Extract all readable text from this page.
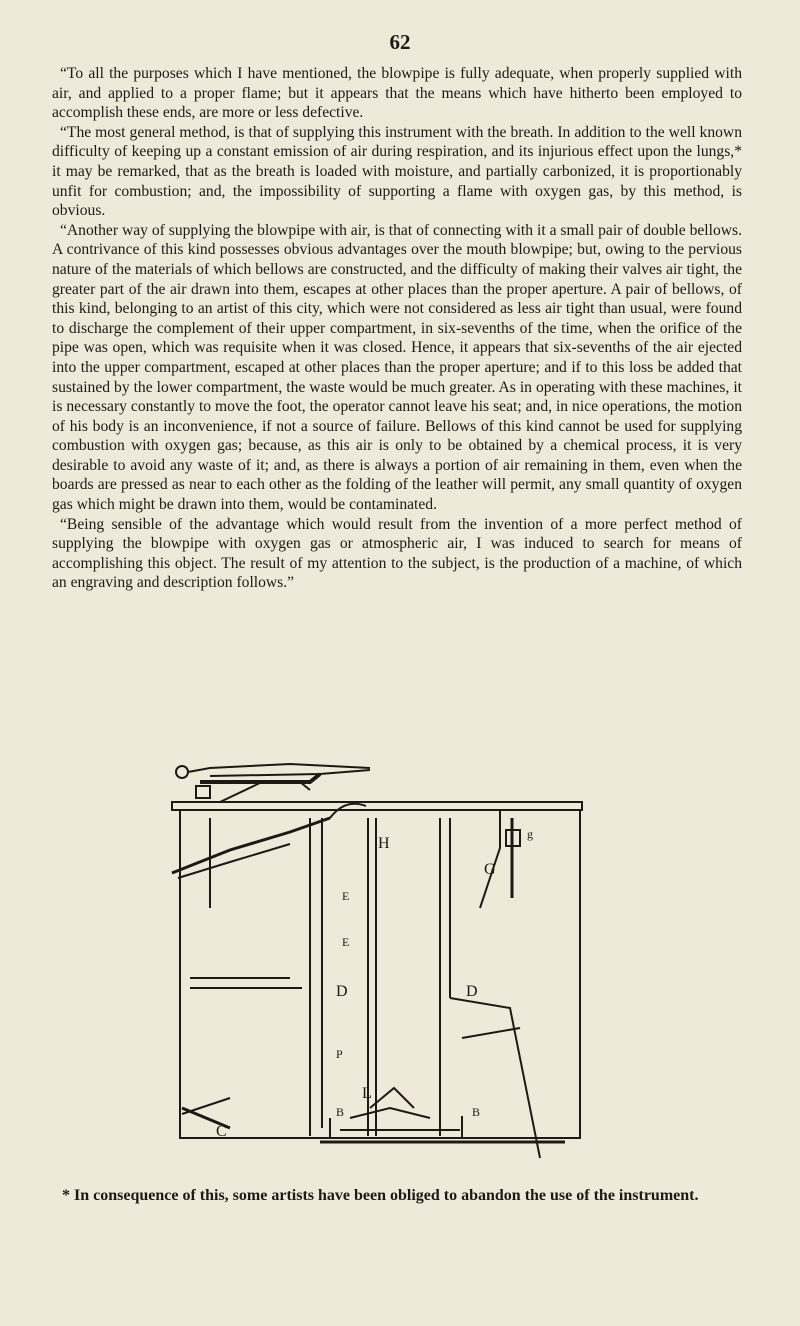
62

“To all the purposes which I have mentioned, the blowpipe is fully adequate, when properly supplied with air, and applied to a proper flame; but it appears that the means which have hitherto been employed to accomplish these ends, are more or less defective.

“The most general method, is that of supplying this instrument with the breath. In addition to the well known difficulty of keeping up a constant emission of air during respiration, and its injurious effect upon the lungs,* it may be remarked, that as the breath is loaded with moisture, and partially carbonized, it is proportionably unfit for combustion; and, the impossibility of supporting a flame with oxygen gas, by this method, is obvious.

“Another way of supplying the blowpipe with air, is that of connecting with it a small pair of double bellows. A contrivance of this kind possesses obvious advantages over the mouth blowpipe; but, owing to the pervious nature of the materials of which bellows are constructed, and the difficulty of making their valves air tight, the greater part of the air drawn into them, escapes at other places than the proper aperture. A pair of bellows, of this kind, belonging to an artist of this city, which were not considered as less air tight than usual, were found to discharge the complement of their upper compartment, in six-sevenths of the time, when the orifice of the pipe was open, which was requisite when it was closed. Hence, it appears that six-sevenths of the air ejected into the upper compartment, escaped at other places than the proper aperture; and if to this loss be added that sustained by the lower compartment, the waste would be much greater. As in operating with these machines, it is necessary constantly to move the foot, the operator cannot leave his seat; and, in nice operations, the motion of his body is an inconvenience, if not a source of failure. Bellows of this kind cannot be used for supplying combustion with oxygen gas; because, as this air is only to be obtained by a chemical process, it is very desirable to avoid any waste of it; and, as there is always a portion of air remaining in them, even when the boards are pressed as near to each other as the folding of the leather will permit, any small quantity of oxygen gas which might be drawn into them, would be contaminated.

“Being sensible of the advantage which would result from the invention of a more perfect method of supplying the blowpipe with oxygen gas or atmospheric air, I was induced to search for means of accomplishing this object. The result of my attention to the subject, is the production of a machine, of which an engraving and description follows.”

H
G
g
E
E
D	D
P
L
B	B
C

* In consequence of this, some artists have been obliged to abandon the use of the instrument.
